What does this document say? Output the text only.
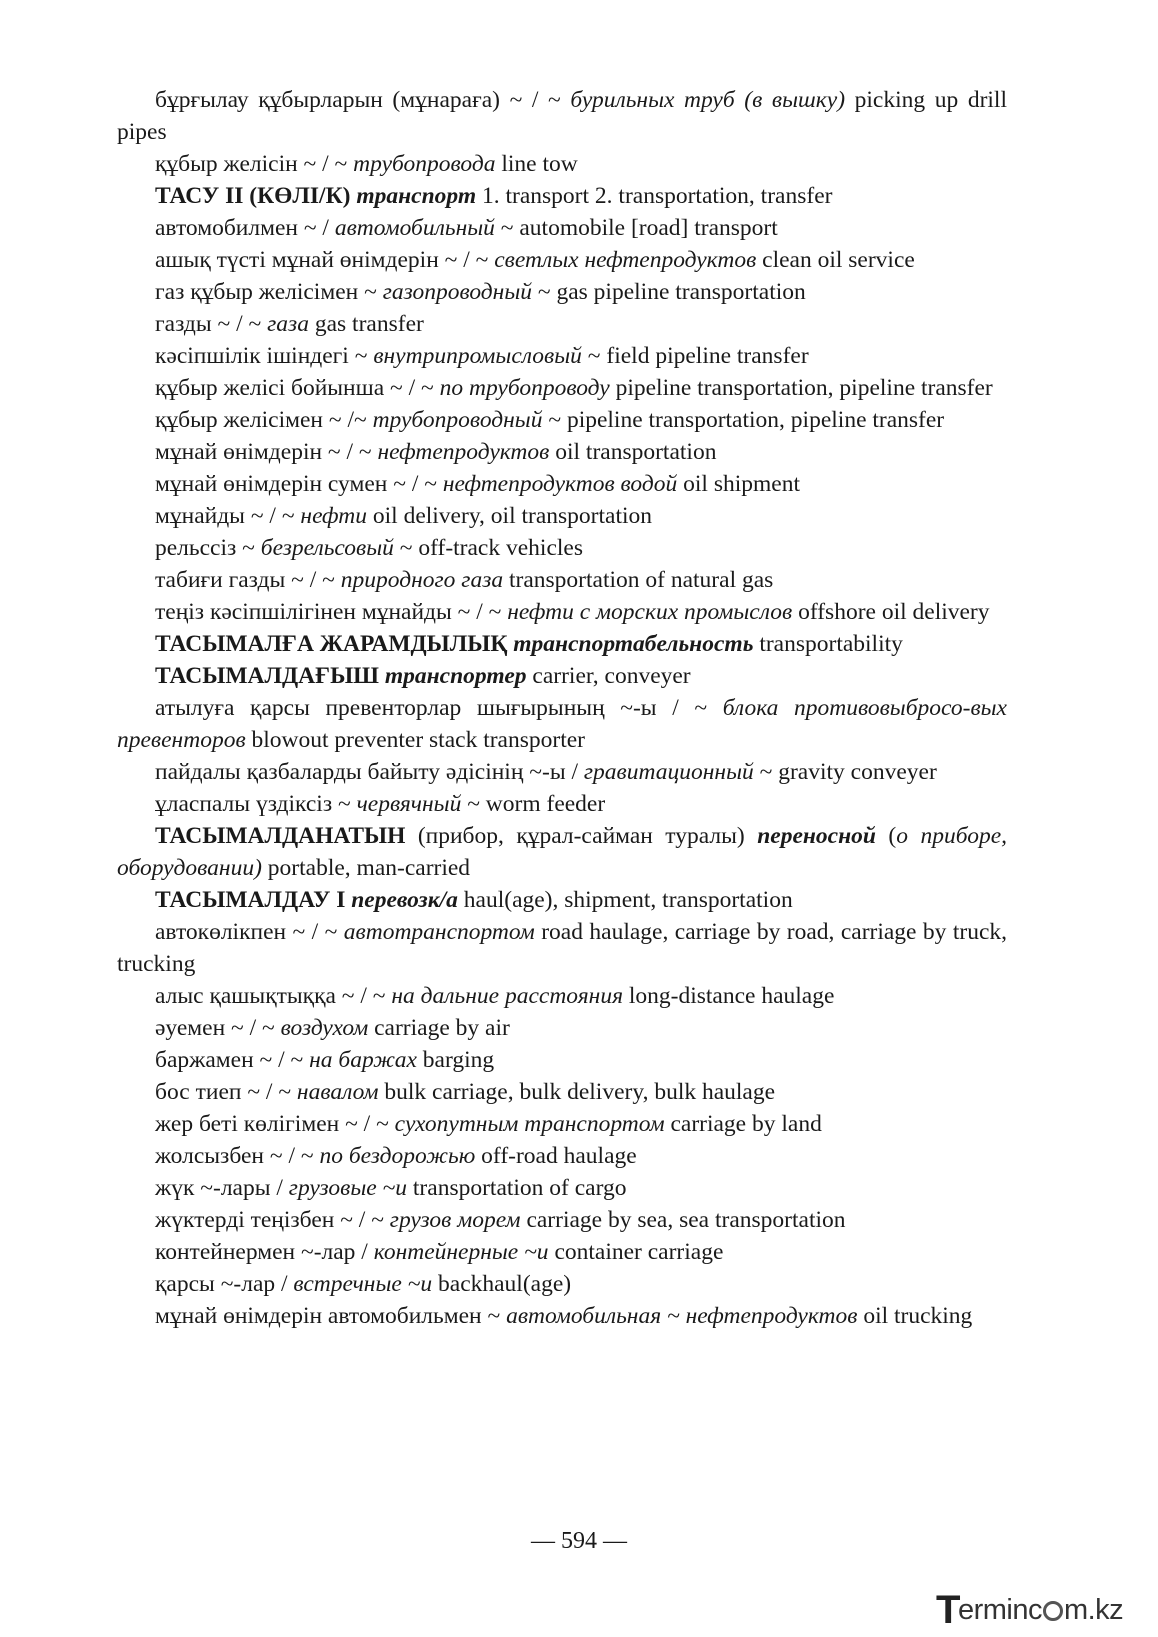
бұрғылау құбырларын (мұнараға) ~ / ~ бурильных труб (в вышку) picking up drill pipes

құбыр желісін ~ / ~ трубопровода line tow

ТАСУ II (КӨЛІ/К) транспорт 1. transport 2. transportation, transfer

автомобилмен ~ / автомобильный ~ automobile [road] transport

ашық түсті мұнай өнімдерін ~ / ~ светлых нефтепродуктов clean oil service

газ құбыр желісімен ~ газопроводный ~ gas pipeline transportation

газды ~ / ~ газа gas transfer

кәсіпшілік ішіндегі ~ внутрипромысловый ~ field pipeline transfer

құбыр желісі бойынша ~ / ~ по трубопроводу pipeline transportation, pipeline transfer

құбыр желісімен ~ /~ трубопроводный ~ pipeline transportation, pipeline transfer

мұнай өнімдерін ~ / ~ нефтепродуктов oil transportation

мұнай өнімдерін сумен ~ / ~ нефтепродуктов водой oil shipment

мұнайды ~ / ~ нефти oil delivery, oil transportation

рельссіз ~ безрельсовый ~ off-track vehicles

табиғи газды ~ / ~ природного газа transportation of natural gas

теңіз кәсіпшілігінен мұнайды ~ / ~ нефти с морских промыслов offshore oil delivery

ТАСЫМАЛҒА ЖАРАМДЫЛЫҚ транспортабельность transportability

ТАСЫМАЛДАҒЫШ транспортер carrier, conveyer

атылуға қарсы превенторлар шығырының ~-ы / ~ блока противовыбросо-вых превенторов blowout preventer stack transporter

пайдалы қазбаларды байыту әдісінің ~-ы / гравитационный ~ gravity conveyer

ұласпалы үздіксіз ~ червячный ~ worm feeder

ТАСЫМАЛДАНАТЫН (прибор, құрал-сайман туралы) переносной (о приборе, оборудовании) portable, man-carried

ТАСЫМАЛДАУ I перевозк/а haul(age), shipment, transportation

автокөлікпен ~ / ~ автотранспортом road haulage, carriage by road, carriage by truck, trucking

алыс қашықтыққа ~ / ~ на дальние расстояния long-distance haulage

әуемен ~ / ~ воздухом carriage by air

баржамен ~ / ~ на баржах barging

бос тиеп ~ / ~ навалом bulk carriage, bulk delivery, bulk haulage

жер беті көлігімен ~ / ~ сухопутным транспортом carriage by land

жолсызбен ~ / ~ по бездорожью off-road haulage

жүк ~-лары / грузовые ~и transportation of cargo

жүктерді теңізбен ~ / ~ грузов морем carriage by sea, sea transportation

контейнермен ~-лар / контейнерные ~и container carriage

қарсы ~-лар / встречные ~и backhaul(age)

мұнай өнімдерін автомобильмен ~ автомобильная ~ нефтепродуктов oil trucking

— 594 —
Terminc m.kz
